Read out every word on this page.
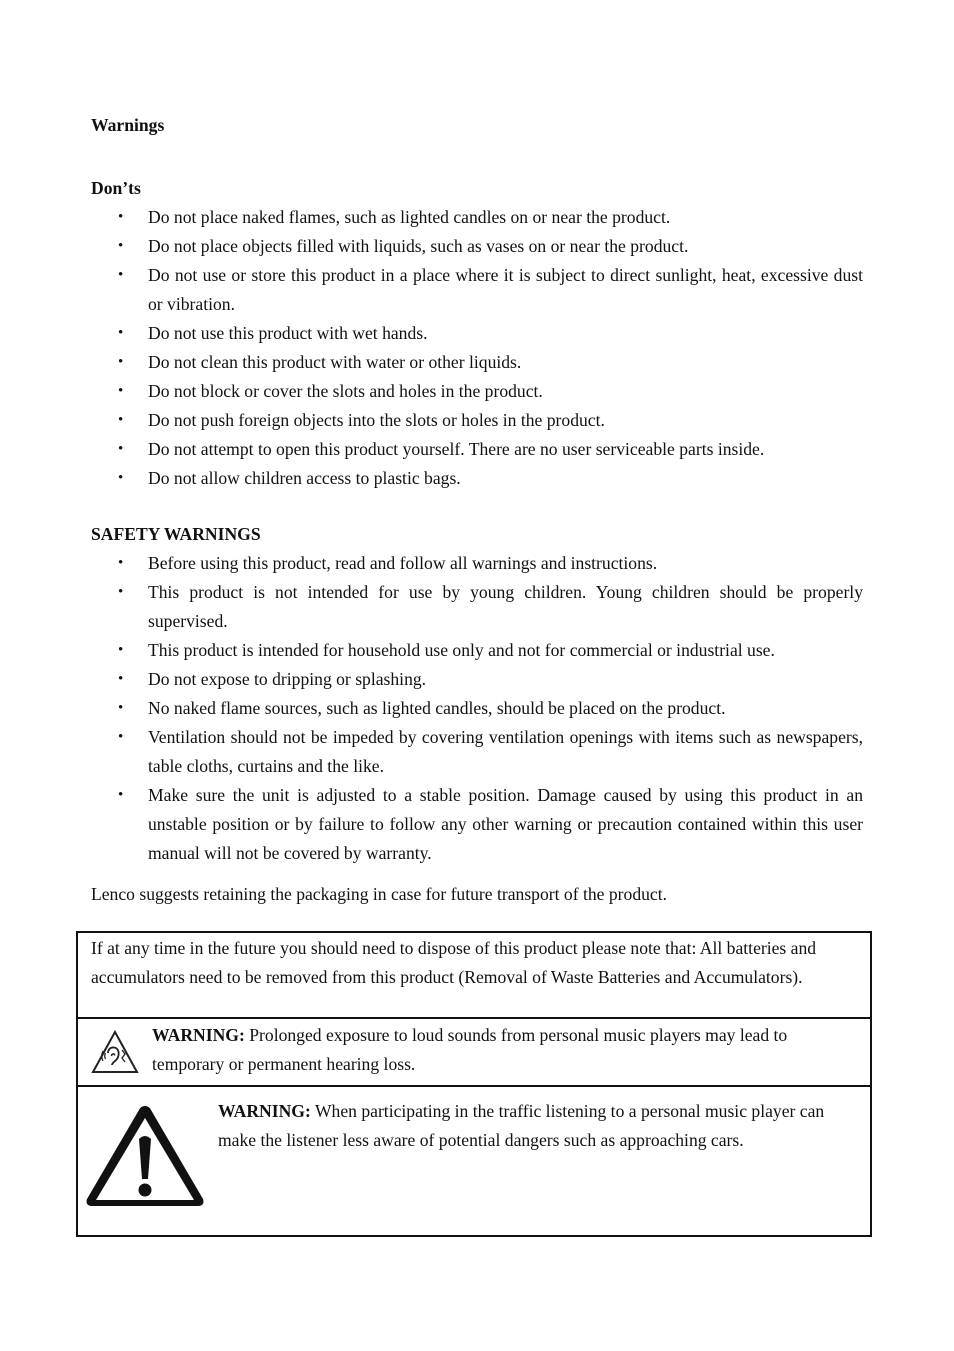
Warnings
Don’ts
• Do not place naked flames, such as lighted candles on or near the product.
• Do not place objects filled with liquids, such as vases on or near the product.
• Do not use or store this product in a place where it is subject to direct sunlight, heat, excessive dust or vibration.
• Do not use this product with wet hands.
• Do not clean this product with water or other liquids.
• Do not block or cover the slots and holes in the product.
• Do not push foreign objects into the slots or holes in the product.
• Do not attempt to open this product yourself. There are no user serviceable parts inside.
• Do not allow children access to plastic bags.
SAFETY WARNINGS
• Before using this product, read and follow all warnings and instructions.
• This product is not intended for use by young children. Young children should be properly supervised.
• This product is intended for household use only and not for commercial or industrial use.
• Do not expose to dripping or splashing.
• No naked flame sources, such as lighted candles, should be placed on the product.
• Ventilation should not be impeded by covering ventilation openings with items such as newspapers, table cloths, curtains and the like.
• Make sure the unit is adjusted to a stable position. Damage caused by using this product in an unstable position or by failure to follow any other warning or precaution contained within this user manual will not be covered by warranty.
Lenco suggests retaining the packaging in case for future transport of the product.
If at any time in the future you should need to dispose of this product please note that: All batteries and accumulators need to be removed from this product (Removal of Waste Batteries and Accumulators).
WARNING: Prolonged exposure to loud sounds from personal music players may lead to temporary or permanent hearing loss.
WARNING: When participating in the traffic listening to a personal music player can make the listener less aware of potential dangers such as approaching cars.
